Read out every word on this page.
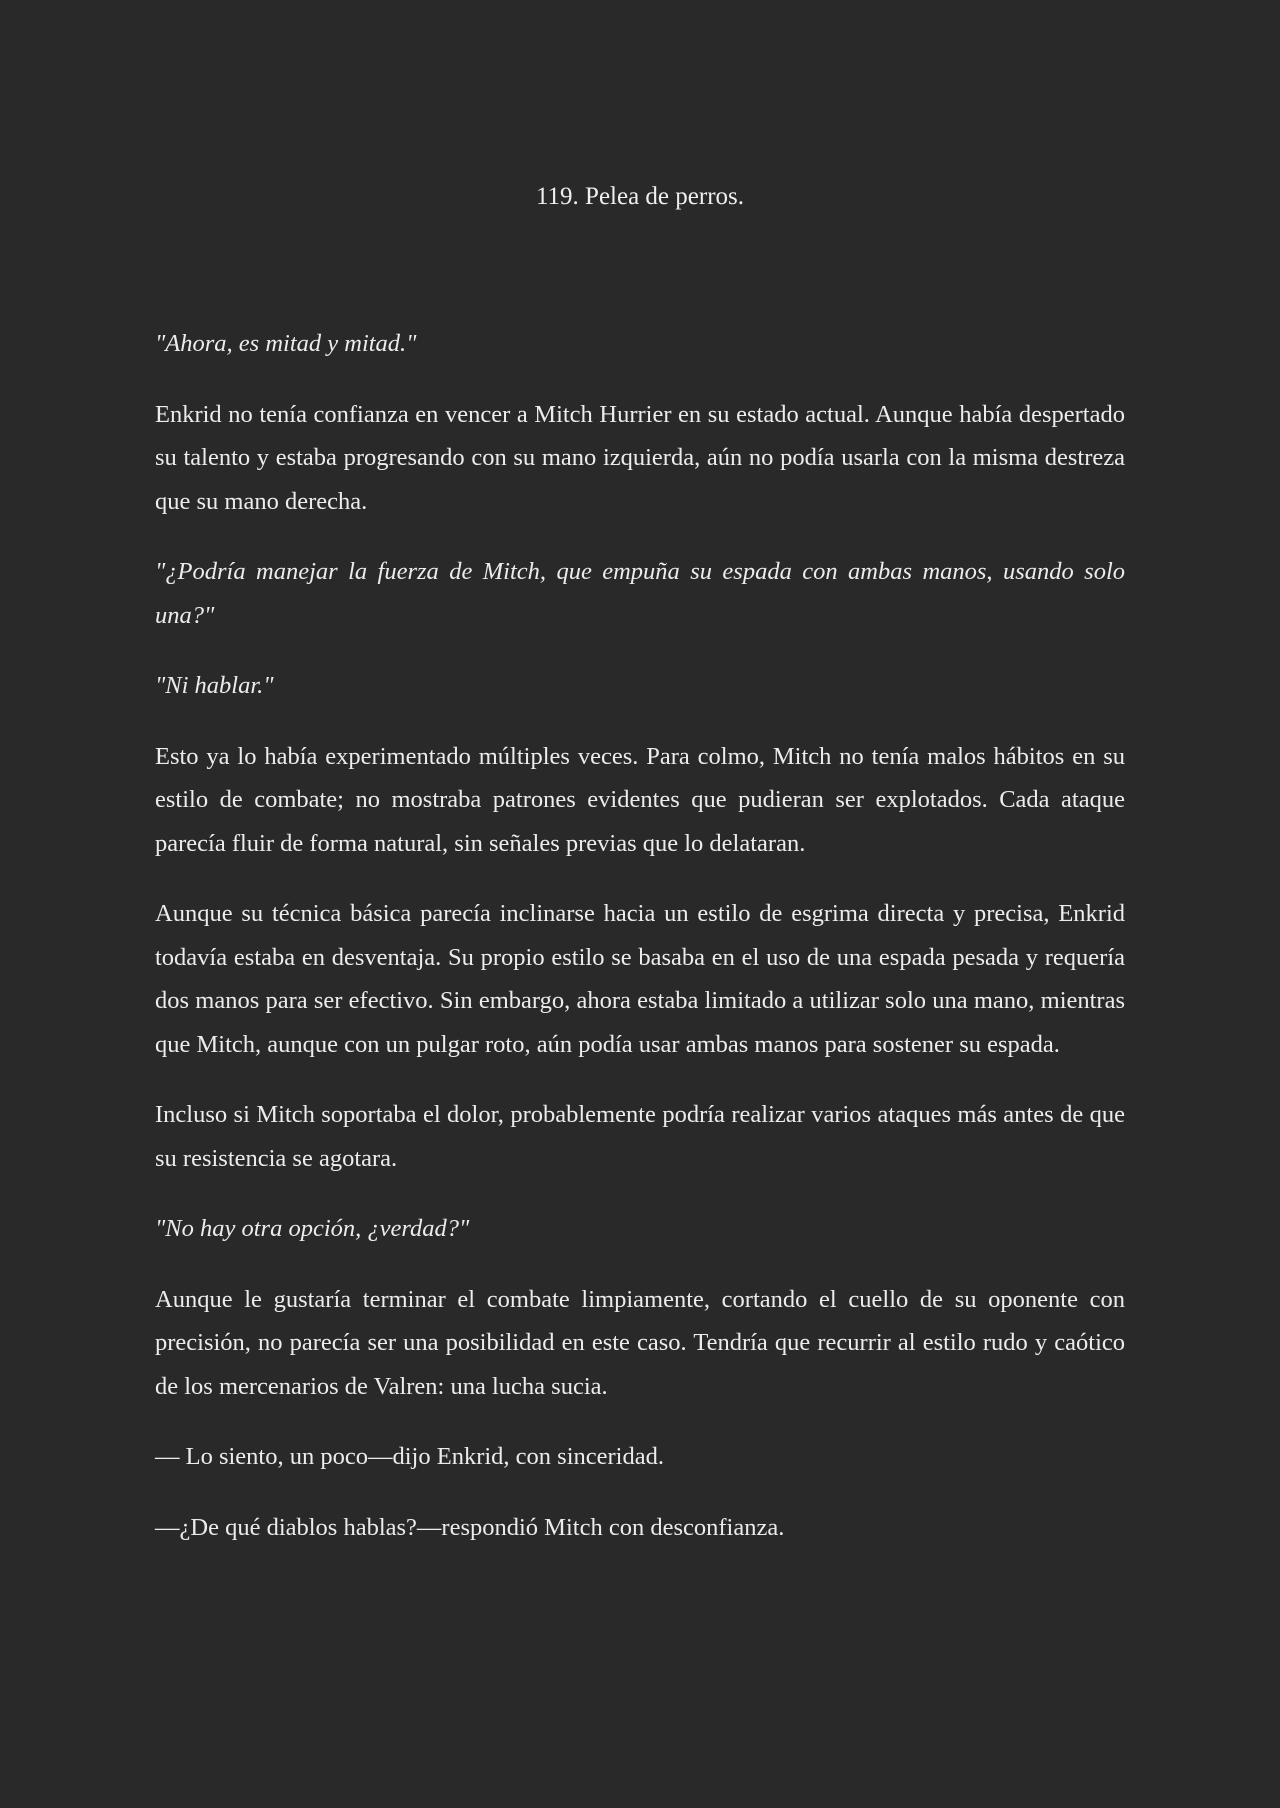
119. Pelea de perros.

"Ahora, es mitad y mitad."

Enkrid no tenía confianza en vencer a Mitch Hurrier en su estado actual. Aunque había despertado su talento y estaba progresando con su mano izquierda, aún no podía usarla con la misma destreza que su mano derecha.

"¿Podría manejar la fuerza de Mitch, que empuña su espada con ambas manos, usando solo una?"

"Ni hablar."

Esto ya lo había experimentado múltiples veces. Para colmo, Mitch no tenía malos hábitos en su estilo de combate; no mostraba patrones evidentes que pudieran ser explotados. Cada ataque parecía fluir de forma natural, sin señales previas que lo delataran.

Aunque su técnica básica parecía inclinarse hacia un estilo de esgrima directa y precisa, Enkrid todavía estaba en desventaja. Su propio estilo se basaba en el uso de una espada pesada y requería dos manos para ser efectivo. Sin embargo, ahora estaba limitado a utilizar solo una mano, mientras que Mitch, aunque con un pulgar roto, aún podía usar ambas manos para sostener su espada.

Incluso si Mitch soportaba el dolor, probablemente podría realizar varios ataques más antes de que su resistencia se agotara.

"No hay otra opción, ¿verdad?"

Aunque le gustaría terminar el combate limpiamente, cortando el cuello de su oponente con precisión, no parecía ser una posibilidad en este caso. Tendría que recurrir al estilo rudo y caótico de los mercenarios de Valren: una lucha sucia.

— Lo siento, un poco—dijo Enkrid, con sinceridad.

—¿De qué diablos hablas?—respondió Mitch con desconfianza.
